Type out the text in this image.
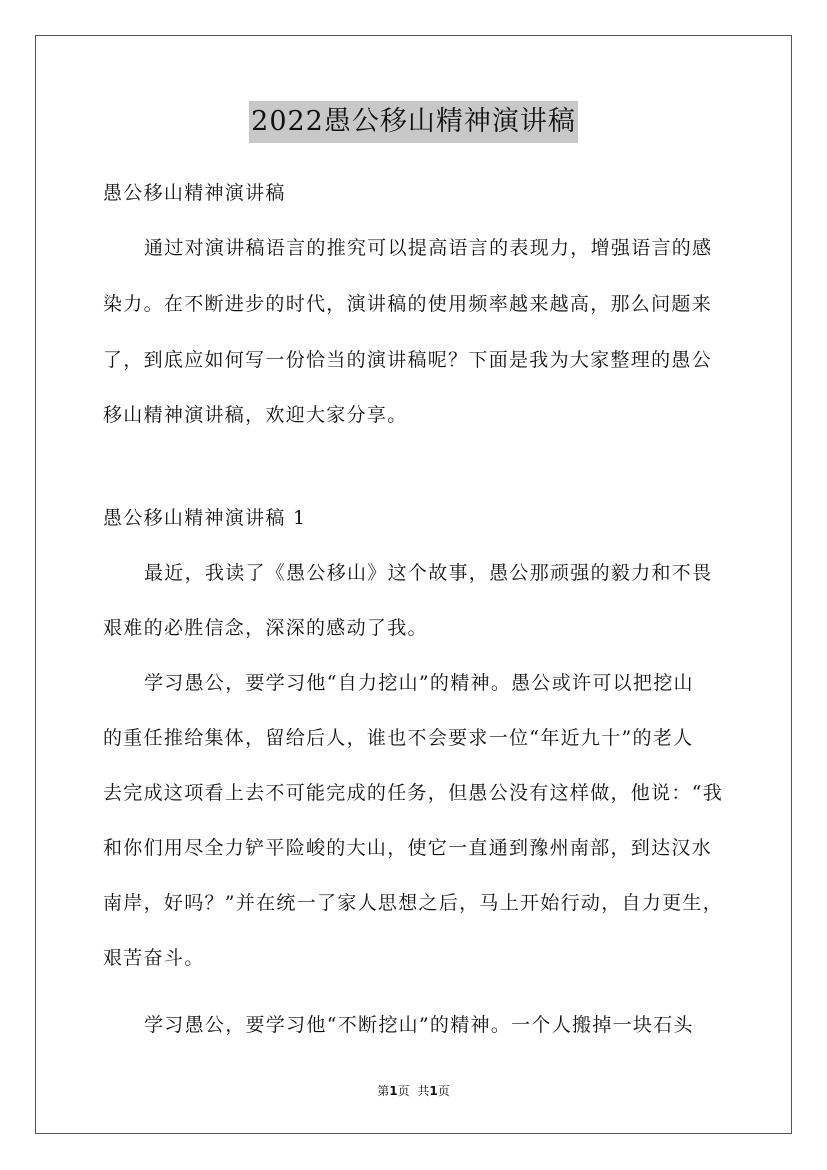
2022愚公移山精神演讲稿
愚公移山精神演讲稿
通过对演讲稿语言的推究可以提高语言的表现力，增强语言的感
染力。在不断进步的时代，演讲稿的使用频率越来越高，那么问题来
了，到底应如何写一份恰当的演讲稿呢？下面是我为大家整理的愚公
移山精神演讲稿，欢迎大家分享。
愚公移山精神演讲稿 1
最近，我读了《愚公移山》这个故事，愚公那顽强的毅力和不畏
艰难的必胜信念，深深的感动了我。
学习愚公，要学习他“自力挖山”的精神。愚公或许可以把挖山
的重任推给集体，留给后人，谁也不会要求一位“年近九十”的老人
去完成这项看上去不可能完成的任务，但愚公没有这样做，他说：“我
和你们用尽全力铲平险峻的大山，使它一直通到豫州南部，到达汉水
南岸，好吗？”并在统一了家人思想之后，马上开始行动，自力更生，
艰苦奋斗。
学习愚公，要学习他“不断挖山”的精神。一个人搬掉一块石头
第1页 共1页
